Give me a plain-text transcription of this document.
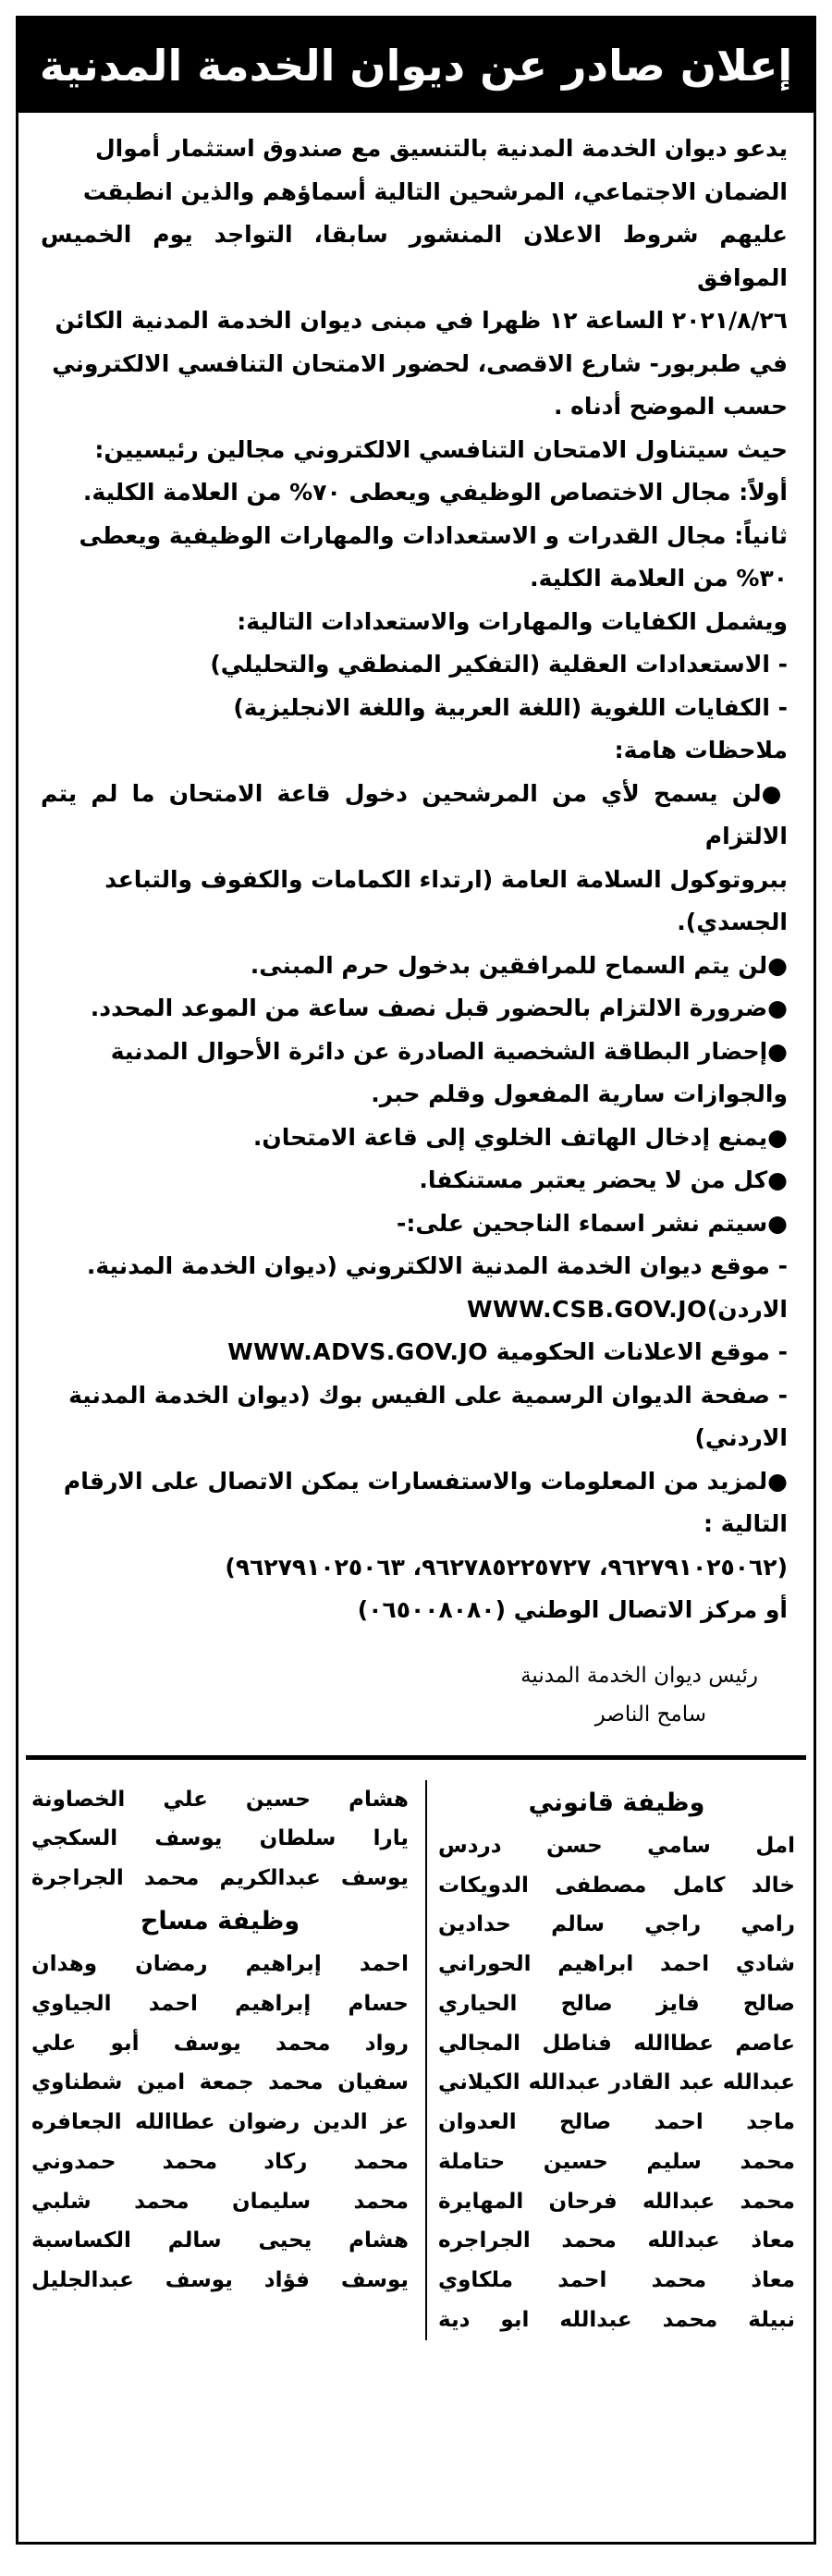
إعلان صادر عن ديوان الخدمة المدنية

يدعو ديوان الخدمة المدنية بالتنسيق مع صندوق استثمار أموال

الضمان الاجتماعي، المرشحين التالية أسماؤهم والذين انطبقت

عليهم شروط الاعلان المنشور سابقا، التواجد يوم الخميس الموافق

٢٠٢١/٨/٢٦ الساعة ١٢ ظهرا في مبنى ديوان الخدمة المدنية الكائن

في طبربور- شارع الاقصى، لحضور الامتحان التنافسي الالكتروني

حسب الموضح أدناه .

حيث سيتناول الامتحان التنافسي الالكتروني مجالين رئيسيين:

أولاً: مجال الاختصاص الوظيفي ويعطى ٧٠% من العلامة الكلية.

ثانياً: مجال القدرات و الاستعدادات والمهارات الوظيفية ويعطى

٣٠% من العلامة الكلية.

ويشمل الكفايات والمهارات والاستعدادات التالية:

- الاستعدادات العقلية (التفكير المنطقي والتحليلي)

- الكفايات اللغوية (اللغة العربية واللغة الانجليزية)

ملاحظات هامة:

●لن يسمح لأي من المرشحين دخول قاعة الامتحان ما لم يتم الالتزام

ببروتوكول السلامة العامة (ارتداء الكمامات والكفوف والتباعد

الجسدي).

●لن يتم السماح للمرافقين بدخول حرم المبنى.

●ضرورة الالتزام بالحضور قبل نصف ساعة من الموعد المحدد.

●إحضار البطاقة الشخصية الصادرة عن دائرة الأحوال المدنية

والجوازات سارية المفعول وقلم حبر.

●يمنع إدخال الهاتف الخلوي إلى قاعة الامتحان.

●كل من لا يحضر يعتبر مستنكفا.

●سيتم نشر اسماء الناجحين على:-

- موقع ديوان الخدمة المدنية الالكتروني (ديوان الخدمة المدنية.

الاردن)WWW.CSB.GOV.JO

- موقع الاعلانات الحكومية WWW.ADVS.GOV.JO

- صفحة الديوان الرسمية على الفيس بوك (ديوان الخدمة المدنية

الاردني)

●لمزيد من المعلومات والاستفسارات يمكن الاتصال على الارقام

التالية :

(٩٦٢٧٩١٠٢٥٠٦٢، ٩٦٢٧٨٥٢٢٥٧٢٧، ٩٦٢٧٩١٠٢٥٠٦٣)

أو مركز الاتصال الوطني (٠٦٥٠٠٨٠٨٠)

رئيس ديوان الخدمة المدنية
سامح الناصر
وظيفة قانوني
امل سامي حسن دردس
خالد كامل مصطفى الدويكات
رامي راجي سالم حدادين
شادي احمد ابراهيم الحوراني
صالح فايز صالح الحياري
عاصم عطاالله فناطل المجالي
عبدالله عبد القادر عبدالله الكيلاني
ماجد احمد صالح العدوان
محمد سليم حسين حتاملة
محمد عبدالله فرحان المهايرة
معاذ عبدالله محمد الجراجره
معاذ محمد احمد ملكاوي
نبيلة محمد عبدالله ابو دية
هشام حسين علي الخصاونة
يارا سلطان يوسف السكجي
يوسف عبدالكريم محمد الجراجرة
وظيفة مساح
احمد إبراهيم رمضان وهدان
حسام إبراهيم احمد الجياوي
رواد محمد يوسف أبو علي
سفيان محمد جمعة امين شطناوي
عز الدين رضوان عطاالله الجعافره
محمد ركاد محمد حمدوني
محمد سليمان محمد شلبي
هشام يحيى سالم الكساسبة
يوسف فؤاد يوسف عبدالجليل
